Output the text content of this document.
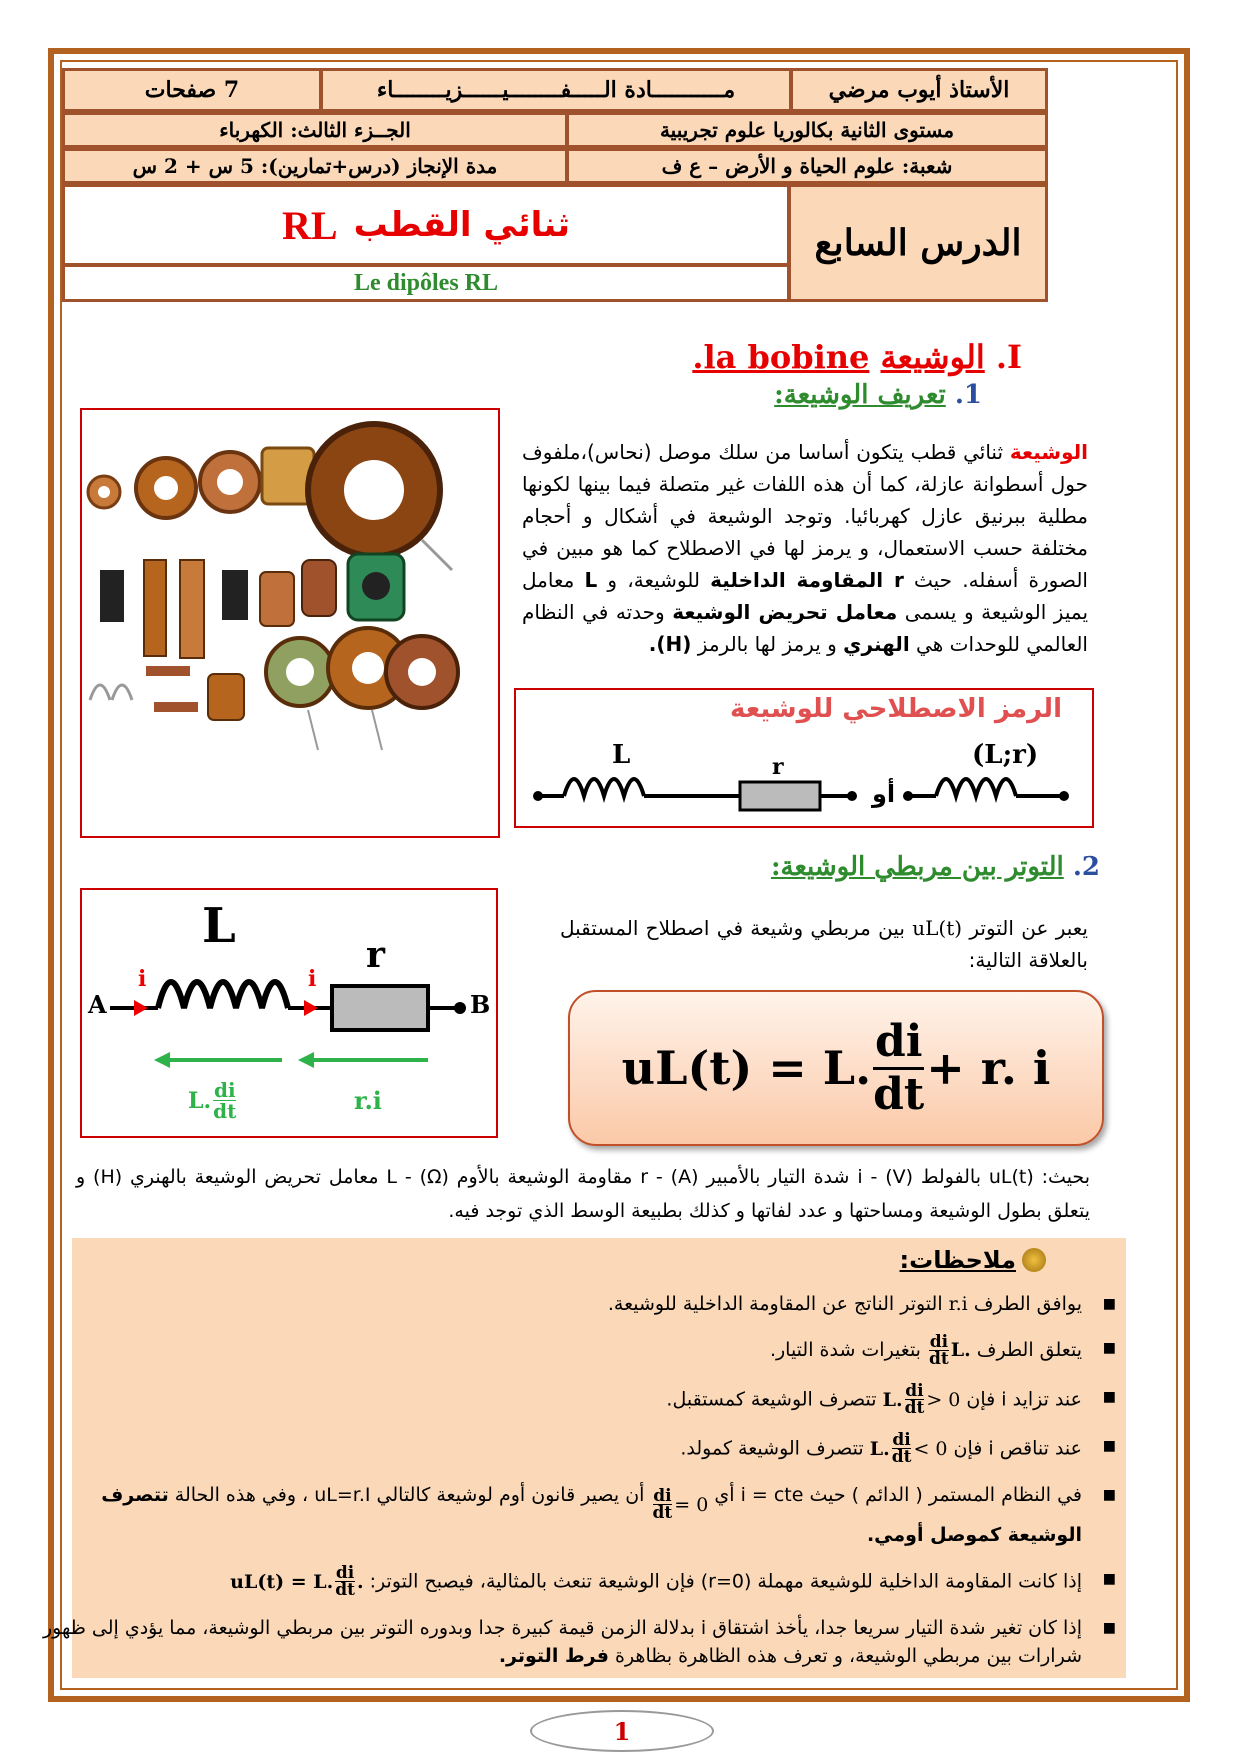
الأستاذ أيوب مرضي
مـــــــــــادة الـــــفــــــــيــــــزيــــــــاء
7 صفحات
مستوى الثانية بكالوريا علوم تجريبية
الجــزء الثالث: الكهرباء
شعبة: علوم الحياة و الأرض – ع ف
مدة الإنجاز (درس+تمارين): 5 س + 2 س
الدرس السابع
RL ثنائي القطب
Le dipôles RL
I. الوشيعة la bobine.
1. تعريف الوشيعة:
الوشيعة ثنائي قطب يتكون أساسا من سلك موصل (نحاس)،ملفوف حول أسطوانة عازلة، كما أن هذه اللفات غير متصلة فيما بينها لكونها مطلية ببرنيق عازل كهربائيا. وتوجد الوشيعة في أشكال و أحجام مختلفة حسب الاستعمال، و يرمز لها في الاصطلاح كما هو مبين في الصورة أسفله. حيث r المقاومة الداخلية للوشيعة، و L معامل يميز الوشيعة و يسمى معامل تحريض الوشيعة وحدته في النظام العالمي للوحدات هي الهنري و يرمز لها بالرمز (H).
الرمز الاصطلاحي للوشيعة
L	r
أو
(L;r)
2. التوتر بين مربطي الوشيعة:
L
r
A	B
i	i
L. $\frac{di}{dt}$	r.i
يعبر عن التوتر uL(t) بين مربطي وشيعة في اصطلاح المستقبل بالعلاقة التالية:
uL(t) = L. $\frac{di}{dt} + r$. i
بحيث: uL(t) بالفولط (V) - i شدة التيار بالأمبير (A) - r مقاومة الوشيعة بالأوم (Ω) - L معامل تحريض الوشيعة بالهنري (H) و يتعلق بطول الوشيعة ومساحتها و عدد لفاتها و كذلك بطبيعة الوسط الذي توجد فيه.
ملاحظات:
■ يوافق الطرف r.i التوتر الناتج عن المقاومة الداخلية للوشيعة.
■ يتعلق الطرف L.
$\frac{di}{dt}$
بتغيرات شدة التيار.
■ عند تزايد i فإن
L. $\frac{di}{dt} > 0$
تتصرف الوشيعة كمستقبل.
■ عند تناقص i فإن
L. $\frac{di}{dt} < 0$
تتصرف الوشيعة كمولد.
■ في النظام المستمر ( الدائم ) حيث i = cte أي
$\frac{di}{dt} = 0$
أن يصير قانون أوم لوشيعة كالتالي uL=r.I ، وفي هذه الحالة تتصرف الوشيعة كموصل أومي.
■ إذا كانت المقاومة الداخلية للوشيعة مهملة (r=0) فإن الوشيعة تنعث بالمثالية، فيصبح التوتر:
uL(t) = L. $\frac{di}{dt}$ .
■ إذا كان تغير شدة التيار سريعا جدا، يأخذ اشتقاق i بدلالة الزمن قيمة كبيرة جدا وبدوره التوتر بين مربطي الوشيعة، مما يؤدي إلى ظهور شرارات بين مربطي الوشيعة، و تعرف هذه الظاهرة بظاهرة فرط التوتر.
1
